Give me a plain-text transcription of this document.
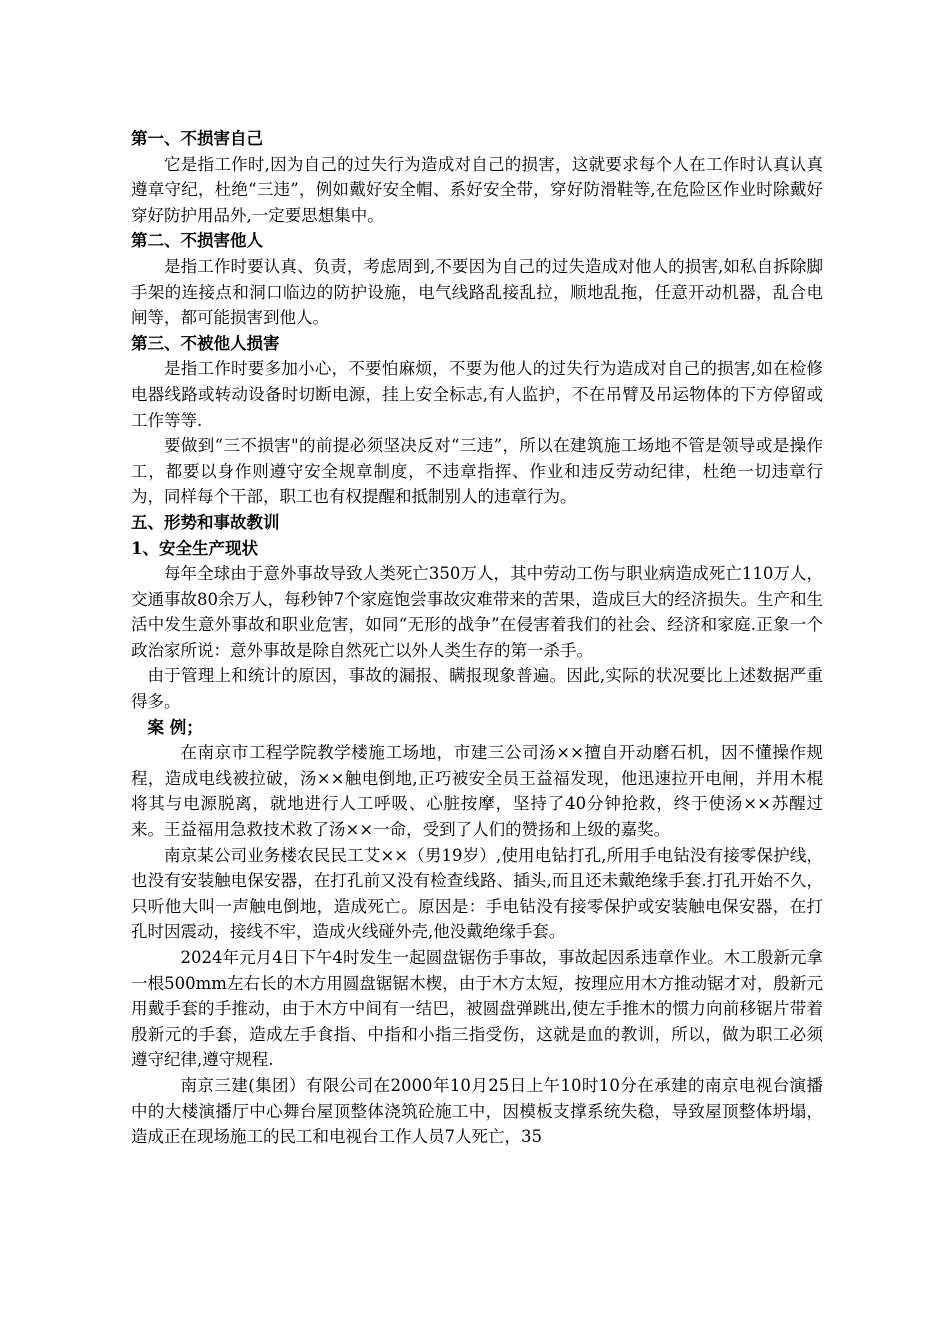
第一、不损害自己

它是指工作时,因为自己的过失行为造成对自己的损害，这就要求每个人在工作时认真认真遵章守纪，杜绝“三违”，例如戴好安全帽、系好安全带，穿好防滑鞋等,在危险区作业时除戴好穿好防护用品外,一定要思想集中。

第二、不损害他人

是指工作时要认真、负责，考虑周到,不要因为自己的过失造成对他人的损害,如私自拆除脚手架的连接点和洞口临边的防护设施，电气线路乱接乱拉，顺地乱拖，任意开动机器，乱合电闸等，都可能损害到他人。

第三、不被他人损害

是指工作时要多加小心，不要怕麻烦，不要为他人的过失行为造成对自己的损害,如在检修电器线路或转动设备时切断电源，挂上安全标志,有人监护，不在吊臂及吊运物体的下方停留或工作等等.

要做到“三不损害"的前提必须坚决反对“三违”，所以在建筑施工场地不管是领导或是操作工，都要以身作则遵守安全规章制度，不违章指挥、作业和违反劳动纪律，杜绝一切违章行为，同样每个干部，职工也有权提醒和抵制别人的违章行为。

五、形势和事故教训

1、安全生产现状

每年全球由于意外事故导致人类死亡350万人，其中劳动工伤与职业病造成死亡110万人，交通事故80余万人，每秒钟7个家庭饱尝事故灾难带来的苦果，造成巨大的经济损失。生产和生活中发生意外事故和职业危害，如同“无形的战争”在侵害着我们的社会、经济和家庭.正象一个政治家所说：意外事故是除自然死亡以外人类生存的第一杀手。

由于管理上和统计的原因，事故的漏报、瞒报现象普遍。因此,实际的状况要比上述数据严重得多。

案 例；

在南京市工程学院教学楼施工场地，市建三公司汤××擅自开动磨石机，因不懂操作规程，造成电线被拉破，汤××触电倒地,正巧被安全员王益福发现，他迅速拉开电闸，并用木棍将其与电源脱离，就地进行人工呼吸、心脏按摩，坚持了40分钟抢救，终于使汤××苏醒过来。王益福用急救技术救了汤××一命，受到了人们的赞扬和上级的嘉奖。

南京某公司业务楼农民民工艾××（男19岁）,使用电钻打孔,所用手电钻没有接零保护线，也没有安装触电保安器，在打孔前又没有检查线路、插头,而且还未戴绝缘手套.打孔开始不久，只听他大叫一声触电倒地，造成死亡。原因是：手电钻没有接零保护或安装触电保安器，在打孔时因震动，接线不牢，造成火线碰外壳,他没戴绝缘手套。

2024年元月4日下午4时发生一起圆盘锯伤手事故，事故起因系违章作业。木工殷新元拿一根500mm左右长的木方用圆盘锯锯木楔，由于木方太短，按理应用木方推动锯才对，殷新元用戴手套的手推动，由于木方中间有一结巴，被圆盘弹跳出,使左手推木的惯力向前移锯片带着殷新元的手套，造成左手食指、中指和小指三指受伤，这就是血的教训，所以，做为职工必须遵守纪律,遵守规程.

南京三建(集团）有限公司在2000年10月25日上午10时10分在承建的南京电视台演播中的大楼演播厅中心舞台屋顶整体浇筑砼施工中，因模板支撑系统失稳，导致屋顶整体坍塌，造成正在现场施工的民工和电视台工作人员7人死亡，35
